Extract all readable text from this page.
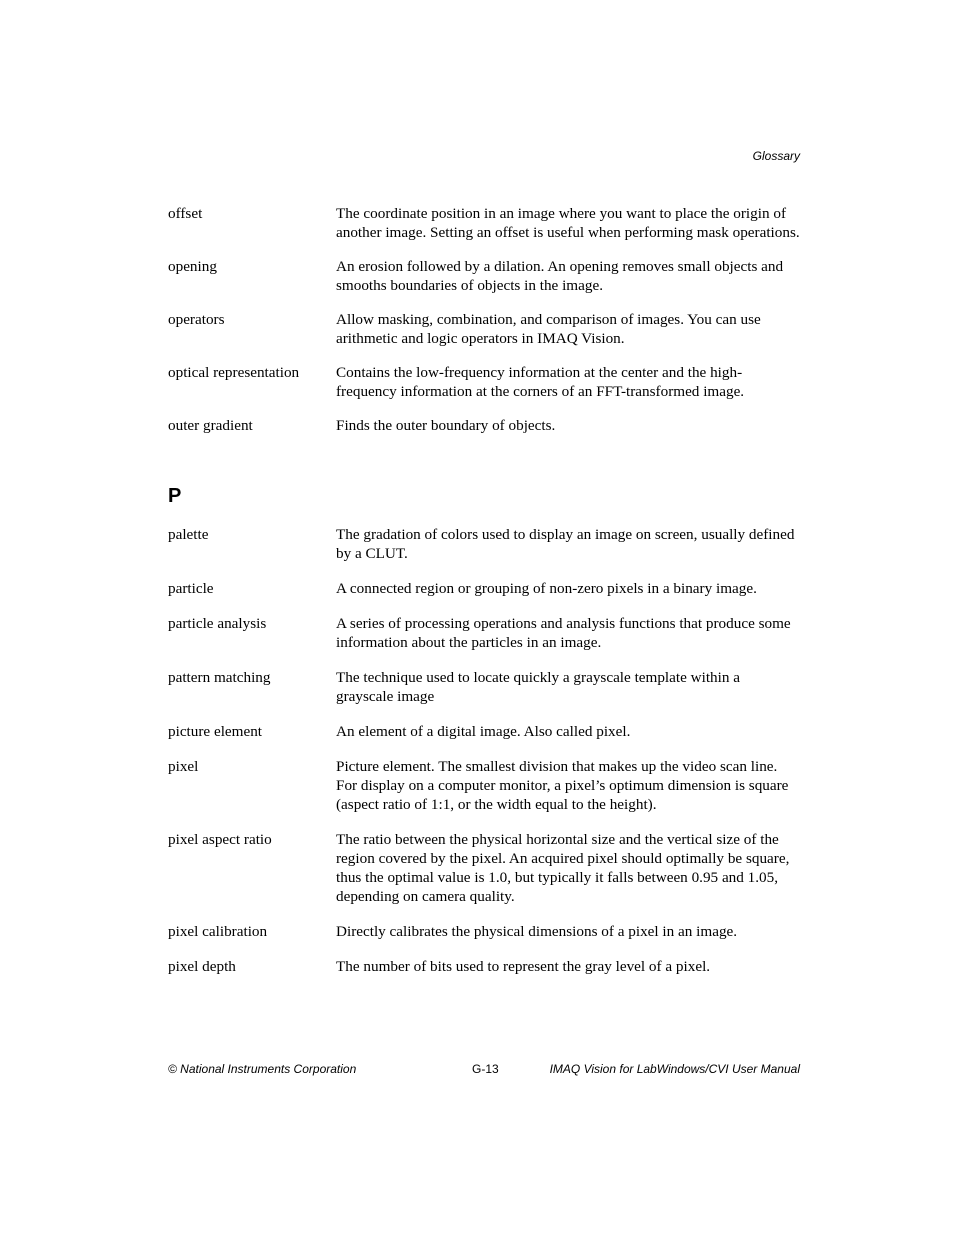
Glossary
offset	The coordinate position in an image where you want to place the origin of another image. Setting an offset is useful when performing mask operations.
opening	An erosion followed by a dilation. An opening removes small objects and smooths boundaries of objects in the image.
operators	Allow masking, combination, and comparison of images. You can use arithmetic and logic operators in IMAQ Vision.
optical representation	Contains the low-frequency information at the center and the high-frequency information at the corners of an FFT-transformed image.
outer gradient	Finds the outer boundary of objects.
P
palette	The gradation of colors used to display an image on screen, usually defined by a CLUT.
particle	A connected region or grouping of non-zero pixels in a binary image.
particle analysis	A series of processing operations and analysis functions that produce some information about the particles in an image.
pattern matching	The technique used to locate quickly a grayscale template within a grayscale image
picture element	An element of a digital image. Also called pixel.
pixel	Picture element. The smallest division that makes up the video scan line. For display on a computer monitor, a pixel’s optimum dimension is square (aspect ratio of 1:1, or the width equal to the height).
pixel aspect ratio	The ratio between the physical horizontal size and the vertical size of the region covered by the pixel. An acquired pixel should optimally be square, thus the optimal value is 1.0, but typically it falls between 0.95 and 1.05, depending on camera quality.
pixel calibration	Directly calibrates the physical dimensions of a pixel in an image.
pixel depth	The number of bits used to represent the gray level of a pixel.
© National Instruments Corporation	G-13	IMAQ Vision for LabWindows/CVI User Manual
